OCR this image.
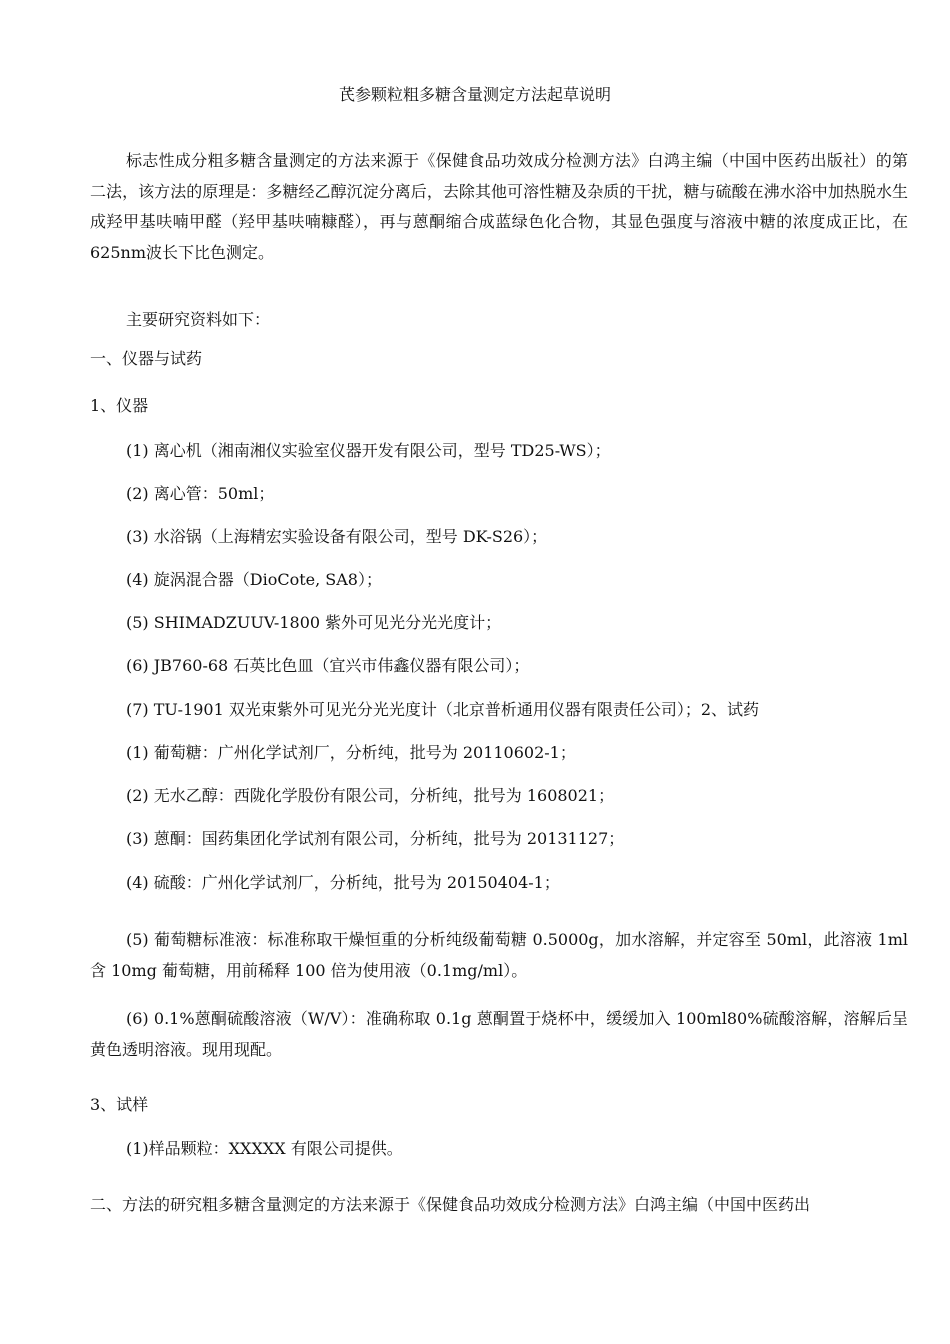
芪参颗粒粗多糖含量测定方法起草说明
标志性成分粗多糖含量测定的方法来源于《保健食品功效成分检测方法》白鸿主编（中国中医药出版社）的第二法，该方法的原理是：多糖经乙醇沉淀分离后，去除其他可溶性糖及杂质的干扰，糖与硫酸在沸水浴中加热脱水生成羟甲基呋喃甲醛（羟甲基呋喃糠醛），再与蒽酮缩合成蓝绿色化合物，其显色强度与溶液中糖的浓度成正比，在625nm波长下比色测定。
主要研究资料如下：
一、仪器与试药
1、仪器
(1) 离心机（湘南湘仪实验室仪器开发有限公司，型号 TD25-WS）；
(2) 离心管：50ml；
(3) 水浴锅（上海精宏实验设备有限公司，型号 DK-S26）；
(4) 旋涡混合器（DioCote, SA8）；
(5) SHIMADZUUV-1800 紫外可见光分光光度计；
(6) JB760-68 石英比色皿（宜兴市伟鑫仪器有限公司）；
(7) TU-1901 双光束紫外可见光分光光度计（北京普析通用仪器有限责任公司）；2、试药
(1) 葡萄糖：广州化学试剂厂，分析纯，批号为 20110602-1；
(2) 无水乙醇：西陇化学股份有限公司，分析纯，批号为 1608021；
(3) 蒽酮：国药集团化学试剂有限公司，分析纯，批号为 20131127；
(4) 硫酸：广州化学试剂厂，分析纯，批号为 20150404-1；
(5) 葡萄糖标准液：标准称取干燥恒重的分析纯级葡萄糖 0.5000g，加水溶解，并定容至 50ml，此溶液 1ml 含 10mg 葡萄糖，用前稀释 100 倍为使用液（0.1mg/ml）。
(6) 0.1%蒽酮硫酸溶液（W/V）：准确称取 0.1g 蒽酮置于烧杯中，缓缓加入 100ml80%硫酸溶解，溶解后呈黄色透明溶液。现用现配。
3、试样
(1)样品颗粒：XXXXX 有限公司提供。
二、方法的研究粗多糖含量测定的方法来源于《保健食品功效成分检测方法》白鸿主编（中国中医药出
